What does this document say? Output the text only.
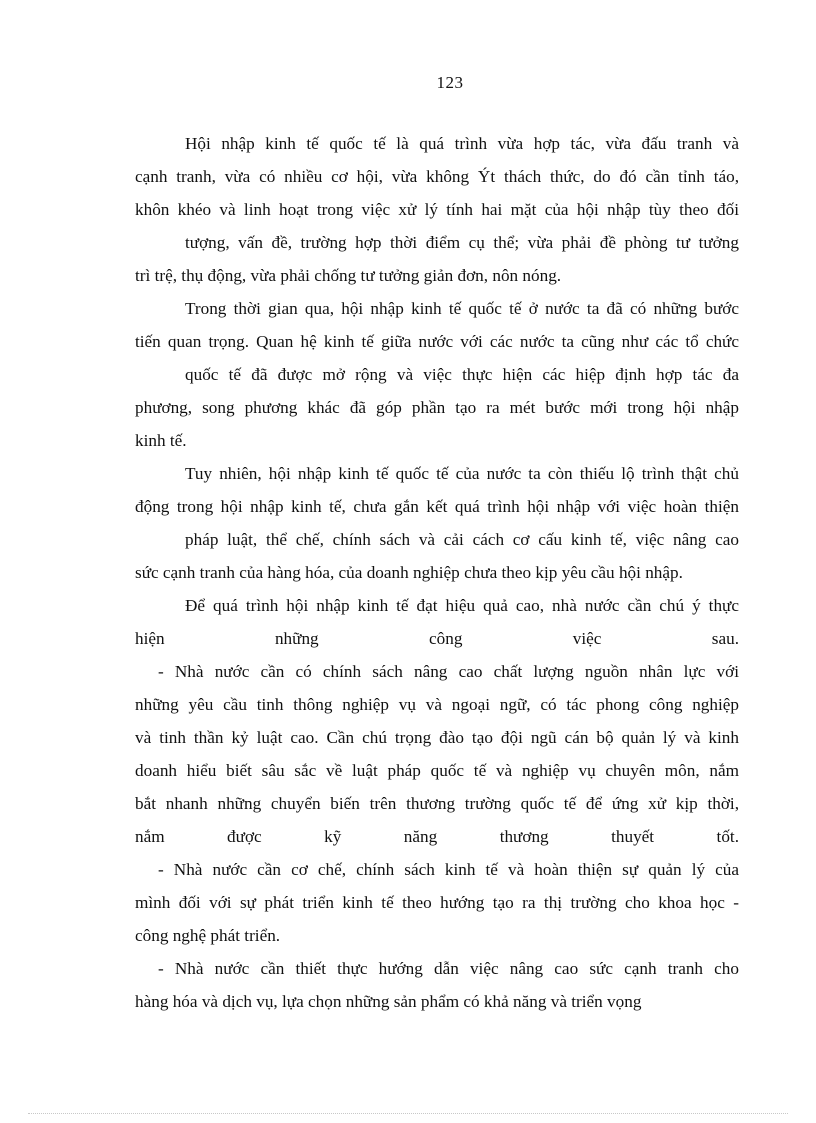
123
Hội nhập kinh tế quốc tế là quá trình vừa hợp tác, vừa đấu tranh và
cạnh tranh, vừa có nhiều cơ hội, vừa không Ýt thách thức, do đó cần tỉnh táo,
khôn khéo và linh hoạt trong việc xử lý tính hai mặt của hội nhập tùy theo đối
tượng, vấn đề, trường hợp thời điểm cụ thể; vừa phải đề phòng tư tưởng
trì trệ, thụ động, vừa phải chống tư tưởng giản đơn, nôn nóng.
Trong thời gian qua, hội nhập kinh tế quốc tế ở nước ta đã có những bước
tiến quan trọng. Quan hệ kinh tế giữa nước với các nước ta cũng như các tổ chức
quốc tế đã được mở rộng và việc thực hiện các hiệp định hợp tác đa
phương, song phương khác đã góp phần tạo ra mét bước mới trong hội nhập
kinh tế.
Tuy nhiên, hội nhập kinh tế quốc tế của nước ta còn thiếu lộ trình thật chủ
động trong hội nhập kinh tế, chưa gắn kết quá trình hội nhập với việc hoàn thiện
pháp luật, thể chế, chính sách và cải cách cơ cấu kinh tế, việc nâng cao
sức cạnh tranh của hàng hóa, của doanh nghiệp chưa theo kịp yêu cầu hội nhập.
Để quá trình hội nhập kinh tế đạt hiệu quả cao, nhà nước cần chú ý thực
hiện những công việc sau.
- Nhà nước cần có chính sách nâng cao chất lượng nguồn nhân lực với
những yêu cầu tinh thông nghiệp vụ và ngoại ngữ, có tác phong công nghiệp
và tinh thần kỷ luật cao. Cần chú trọng đào tạo đội ngũ cán bộ quản lý và kinh
doanh hiểu biết sâu sắc về luật pháp quốc tế và nghiệp vụ chuyên môn, nắm
bắt nhanh những chuyển biến trên thương trường quốc tế để ứng xử kịp thời,
nắm được kỹ năng thương thuyết tốt.
- Nhà nước cần cơ chế, chính sách kinh tế và hoàn thiện sự quản lý của
mình đối với sự phát triển kinh tế theo hướng tạo ra thị trường cho khoa học -
công nghệ phát triển.
- Nhà nước cần thiết thực hướng dẫn việc nâng cao sức cạnh tranh cho
hàng hóa và dịch vụ, lựa chọn những sản phẩm có khả năng và triển vọng
